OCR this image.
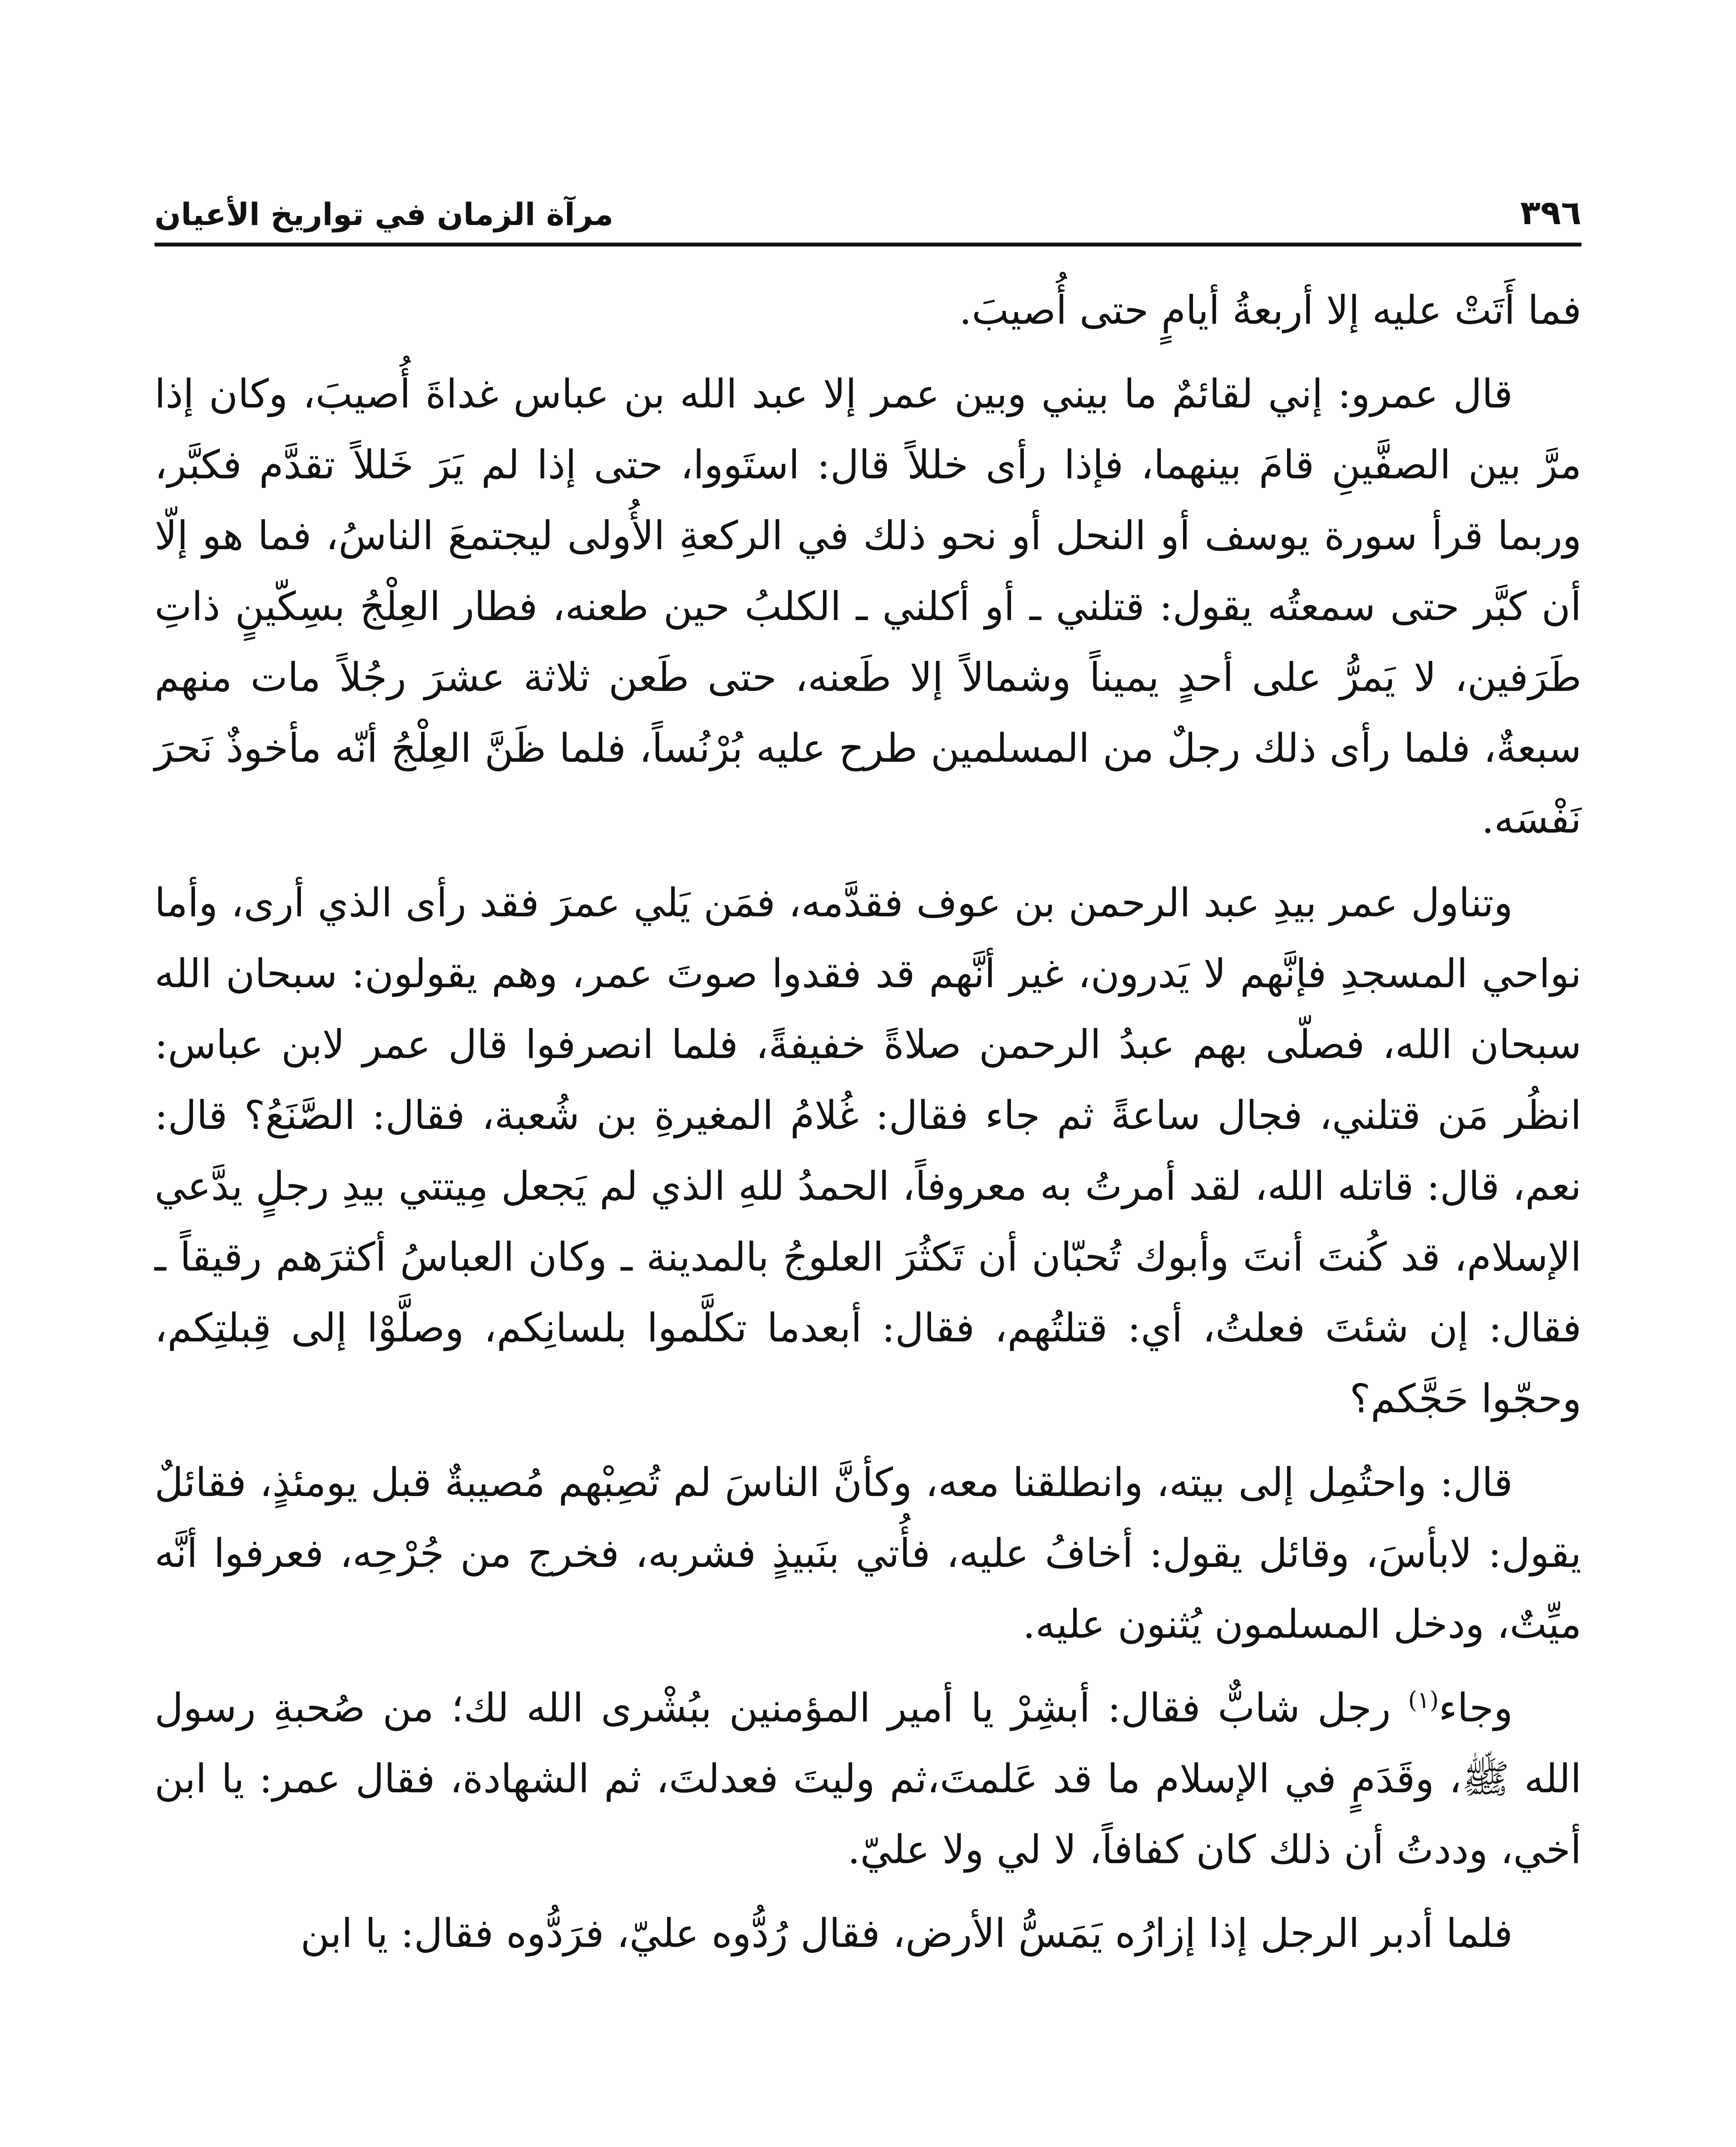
٣٩٦
مرآة الزمان في تواريخ الأعيان

فما أَتَتْ عليه إلا أربعةُ أيامٍ حتى أُصيبَ.

قال عمرو: إني لقائمٌ ما بيني وبين عمر إلا عبد الله بن عباس غداةَ أُصيبَ، وكان إذا مرَّ بين الصفَّينِ قامَ بينهما، فإذا رأى خللاً قال: استَووا، حتى إذا لم يَرَ خَللاً تقدَّم فكبَّر، وربما قرأ سورة يوسف أو النحل أو نحو ذلك في الركعةِ الأُولى ليجتمعَ الناسُ، فما هو إلّا أن كبَّر حتى سمعتُه يقول: قتلني ـ أو أكلني ـ الكلبُ حين طعنه، فطار العِلْجُ بسِكّينٍ ذاتِ طَرَفين، لا يَمرُّ على أحدٍ يميناً وشمالاً إلا طَعنه، حتى طَعن ثلاثة عشرَ رجُلاً مات منهم سبعةٌ، فلما رأى ذلك رجلٌ من المسلمين طرح عليه بُرْنُساً، فلما ظَنَّ العِلْجُ أنّه مأخوذٌ نَحرَ نَفْسَه.

وتناول عمر بيدِ عبد الرحمن بن عوف فقدَّمه، فمَن يَلي عمرَ فقد رأى الذي أرى، وأما نواحي المسجدِ فإنَّهم لا يَدرون، غير أنَّهم قد فقدوا صوتَ عمر، وهم يقولون: سبحان الله سبحان الله، فصلّى بهم عبدُ الرحمن صلاةً خفيفةً، فلما انصرفوا قال عمر لابن عباس: انظُر مَن قتلني، فجال ساعةً ثم جاء فقال: غُلامُ المغيرةِ بن شُعبة، فقال: الصَّنَعُ؟ قال: نعم، قال: قاتله الله، لقد أمرتُ به معروفاً، الحمدُ للهِ الذي لم يَجعل مِيتتي بيدِ رجلٍ يدَّعي الإسلام، قد كُنتَ أنتَ وأبوك تُحبّان أن تَكثُرَ العلوجُ بالمدينة ـ وكان العباسُ أكثرَهم رقيقاً ـ فقال: إن شئتَ فعلتُ، أي: قتلتُهم، فقال: أبعدما تكلَّموا بلسانِكم، وصلَّوْا إلى قِبلتِكم، وحجّوا حَجَّكم؟

قال: واحتُمِل إلى بيته، وانطلقنا معه، وكأنَّ الناسَ لم تُصِبْهم مُصيبةٌ قبل يومئذٍ، فقائلٌ يقول: لابأسَ، وقائل يقول: أخافُ عليه، فأُتي بنَبيذٍ فشربه، فخرج من جُرْحِه، فعرفوا أنَّه ميِّتٌ، ودخل المسلمون يُثنون عليه.

وجاء$^{(١)}$ رجل شابٌّ فقال: أبشِرْ يا أمير المؤمنين ببُشْرى الله لك؛ من صُحبةِ رسول الله ﷺ، وقَدَمٍ في الإسلام ما قد عَلمتَ،ثم وليتَ فعدلتَ، ثم الشهادة، فقال عمر: يا ابن أخي، وددتُ أن ذلك كان كفافاً، لا لي ولا عليّ.

فلما أدبر الرجل إذا إزارُه يَمَسُّ الأرض، فقال رُدُّوه عليّ، فرَدُّوه فقال: يا ابن
